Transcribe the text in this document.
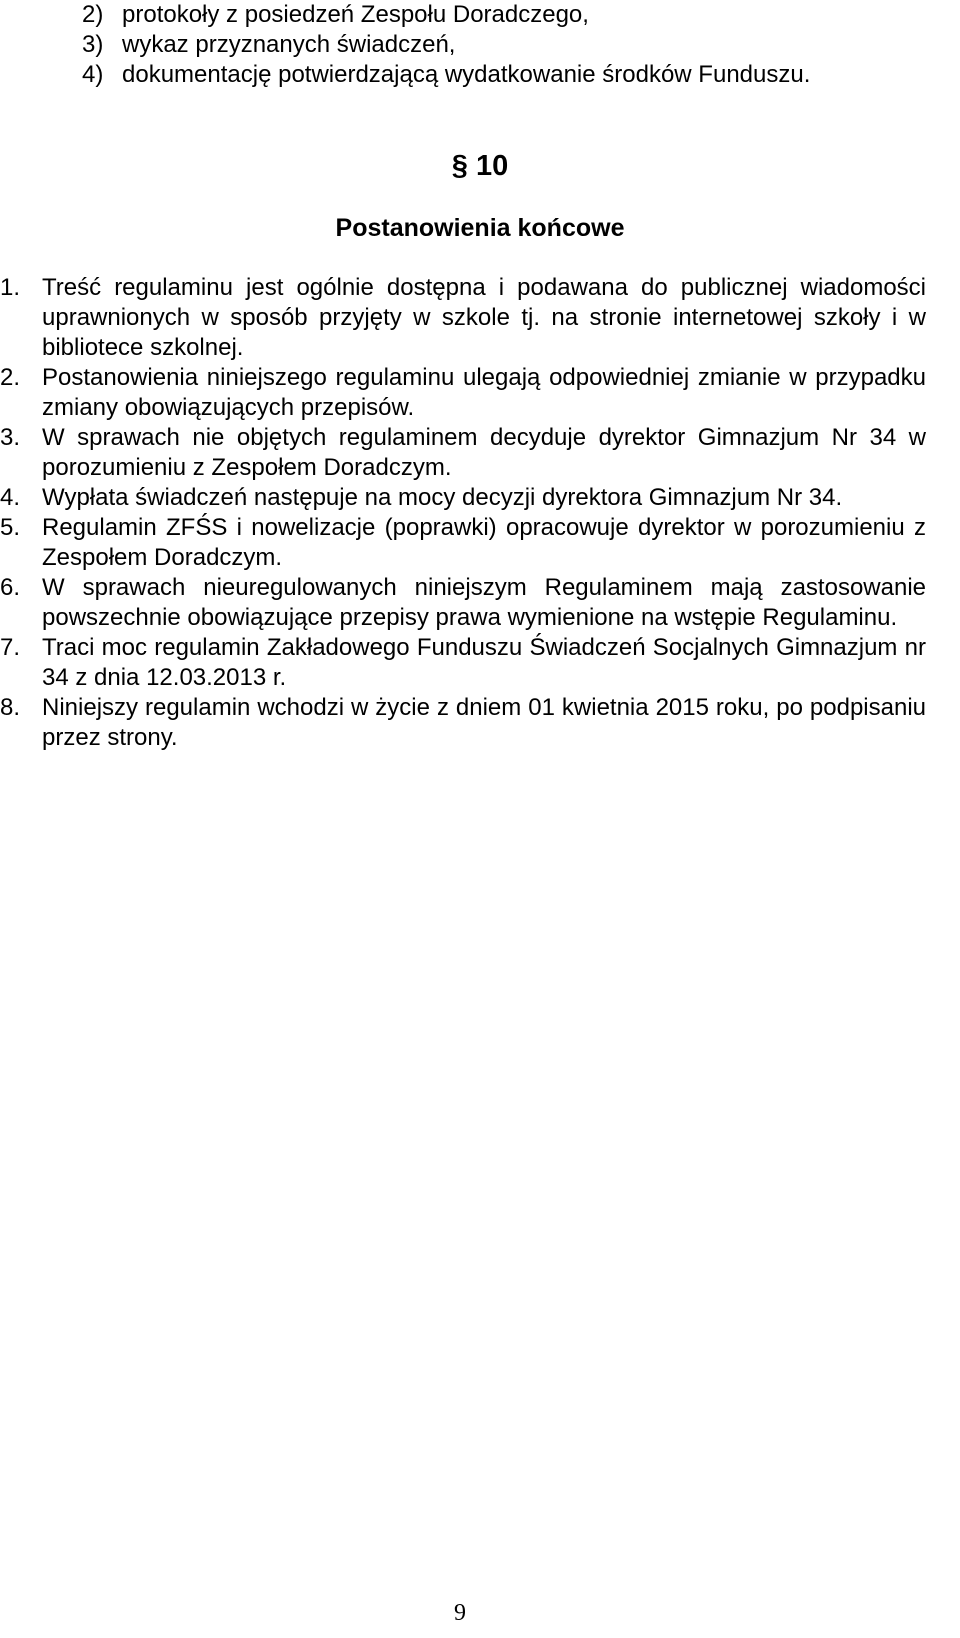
2) protokoły z posiedzeń Zespołu Doradczego,
3) wykaz przyznanych świadczeń,
4) dokumentację potwierdzającą wydatkowanie środków Funduszu.
§ 10
Postanowienia końcowe
1. Treść regulaminu jest ogólnie dostępna i podawana do publicznej wiadomości uprawnionych w sposób przyjęty w szkole tj. na stronie internetowej szkoły i w bibliotece szkolnej.
2. Postanowienia niniejszego regulaminu ulegają odpowiedniej zmianie w przypadku zmiany obowiązujących przepisów.
3. W sprawach nie objętych regulaminem decyduje dyrektor Gimnazjum Nr 34 w porozumieniu z Zespołem Doradczym.
4. Wypłata świadczeń następuje na mocy decyzji dyrektora Gimnazjum Nr 34.
5. Regulamin ZFŚS i nowelizacje (poprawki) opracowuje dyrektor w porozumieniu z Zespołem Doradczym.
6. W sprawach nieuregulowanych niniejszym Regulaminem mają zastosowanie powszechnie obowiązujące przepisy prawa wymienione na wstępie Regulaminu.
7. Traci moc regulamin Zakładowego Funduszu Świadczeń Socjalnych Gimnazjum nr 34 z dnia 12.03.2013 r.
8. Niniejszy regulamin wchodzi w życie z dniem 01 kwietnia 2015 roku, po podpisaniu przez strony.
9
